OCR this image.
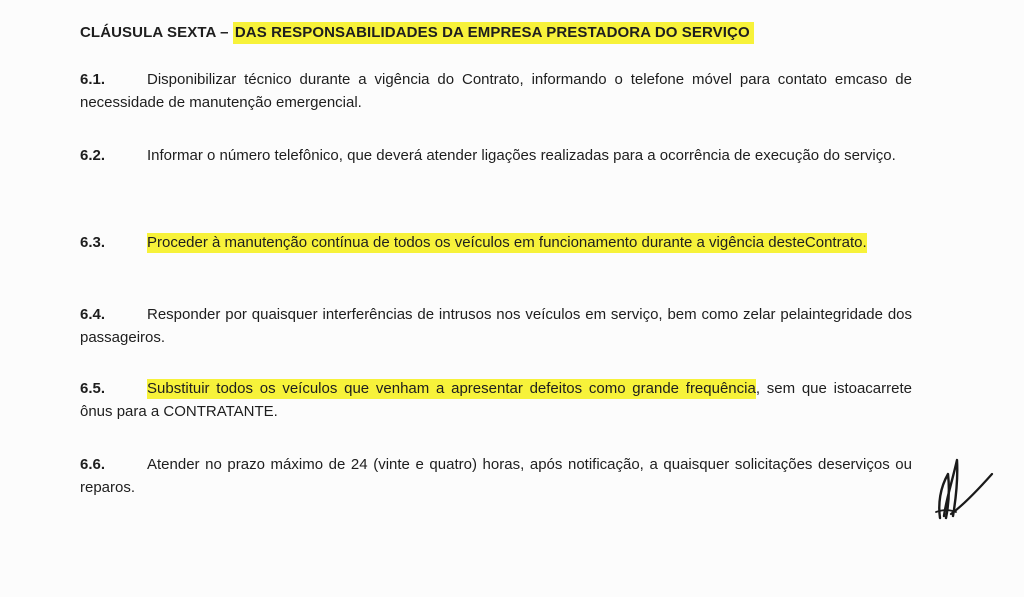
CLÁUSULA SEXTA – DAS RESPONSABILIDADES DA EMPRESA PRESTADORA DO SERVIÇO
6.1.	Disponibilizar técnico durante a vigência do Contrato, informando o telefone móvel para contato emcaso de necessidade de manutenção emergencial.
6.2.	Informar o número telefônico, que deverá atender ligações realizadas para a ocorrência de execução do serviço.
6.3.	Proceder à manutenção contínua de todos os veículos em funcionamento durante a vigência desteContrato.
6.4.	Responder por quaisquer interferências de intrusos nos veículos em serviço, bem como zelar pelaintegridade dos passageiros.
6.5.	Substituir todos os veículos que venham a apresentar defeitos como grande frequência, sem que istoacarrete ônus para a CONTRATANTE.
6.6.	Atender no prazo máximo de 24 (vinte e quatro) horas, após notificação, a quaisquer solicitações deserviços ou reparos.
